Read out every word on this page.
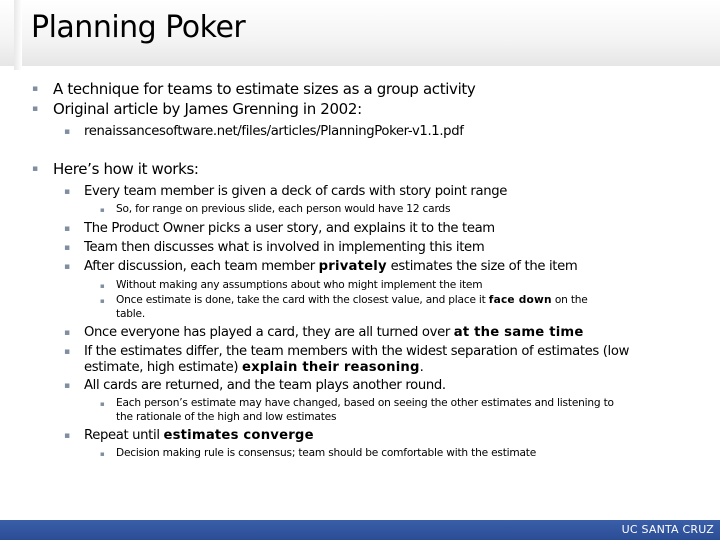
Planning Poker
▪ A technique for teams to estimate sizes as a group activity
▪ Original article by James Grenning in 2002:
▪ renaissancesoftware.net/files/articles/PlanningPoker-v1.1.pdf
▪ Here’s how it works:
▪ Every team member is given a deck of cards with story point range
▪ So, for range on previous slide, each person would have 12 cards
▪ The Product Owner picks a user story, and explains it to the team
▪ Team then discusses what is involved in implementing this item
▪ After discussion, each team member privately estimates the size of the item
▪ Without making any assumptions about who might implement the item
▪ Once estimate is done, take the card with the closest value, and place it face down on the
table.
▪ Once everyone has played a card, they are all turned over at the same time
▪ If the estimates differ, the team members with the widest separation of estimates (low
estimate, high estimate) explain their reasoning.
▪ All cards are returned, and the team plays another round.
▪ Each person’s estimate may have changed, based on seeing the other estimates and listening to
the rationale of the high and low estimates
▪ Repeat until estimates converge
▪ Decision making rule is consensus; team should be comfortable with the estimate
UC SANTA CRUZ
